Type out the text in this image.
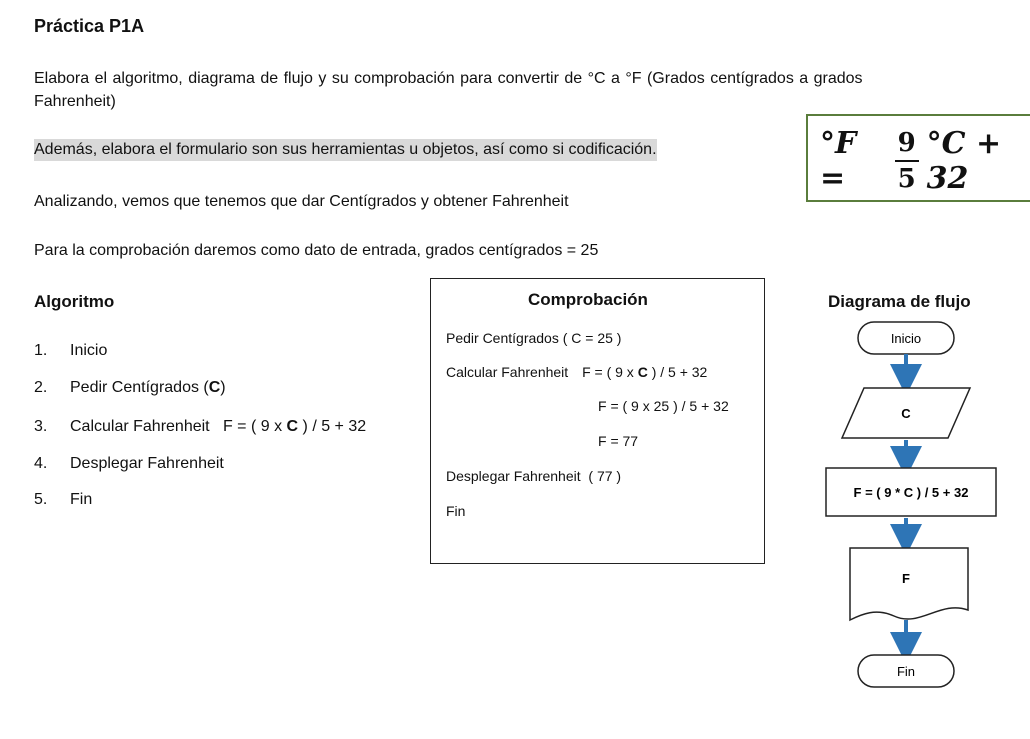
Práctica P1A
Elabora el algoritmo, diagrama de flujo y su comprobación para convertir de °C a °F (Grados centígrados a grados
Fahrenheit)
Además, elabora el formulario son sus herramientas u objetos, así como si codificación.	°F =	$\frac{9}{5} ^\circ C + 32$
Analizando, vemos que tenemos que dar Centígrados y obtener Fahrenheit
Para la comprobación daremos como dato de entrada, grados centígrados = 25
Algoritmo
1. Inicio
2. Pedir Centígrados (C)
3. Calcular Fahrenheit   F = ( 9 x C ) / 5 + 32
4. Desplegar Fahrenheit
5. Fin
Comprobación
Pedir Centígrados ( C = 25 )
Calcular Fahrenheit F = ( 9 x C ) / 5 + 32
F = ( 9 x 25 ) / 5 + 32
F = 77
Desplegar Fahrenheit  ( 77 )
Fin
Diagrama de flujo
Inicio
C
F = ( 9 * C ) / 5 + 32
F
Fin
